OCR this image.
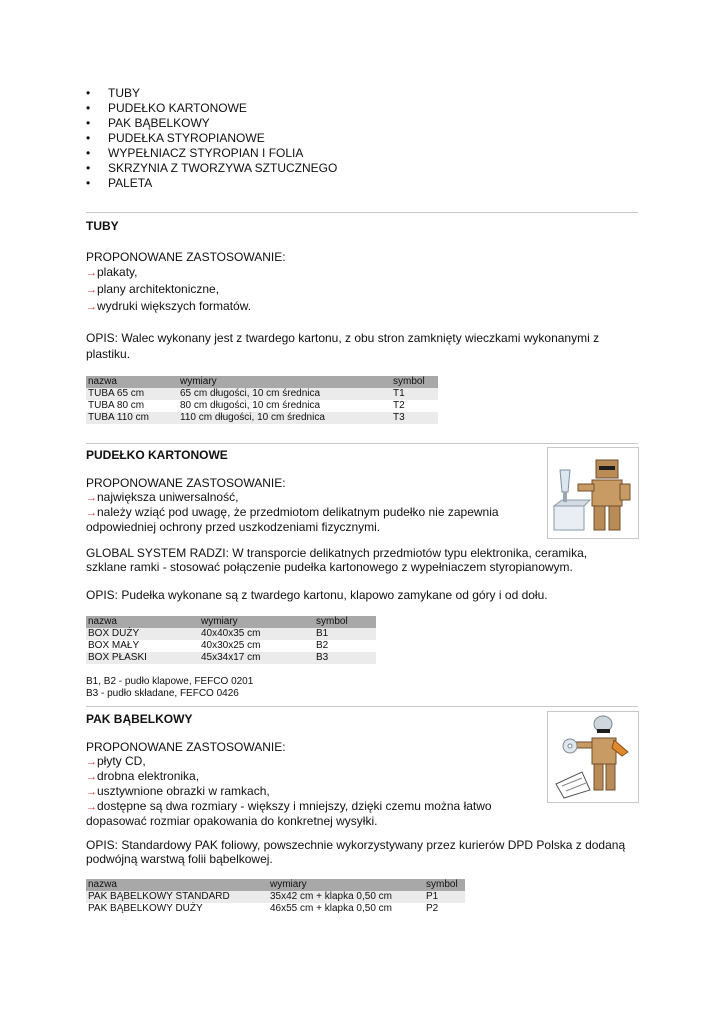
• TUBY
• PUDEŁKO KARTONOWE
• PAK BĄBELKOWY
• PUDEŁKA STYROPIANOWE
• WYPEŁNIACZ STYROPIAN I FOLIA
• SKRZYNIA Z TWORZYWA SZTUCZNEGO
• PALETA
TUBY
PROPONOWANE ZASTOSOWANIE:
→plakaty,
→plany architektoniczne,
→wydruki większych formatów.
OPIS: Walec wykonany jest z twardego kartonu, z obu stron zamknięty wieczkami wykonanymi z
plastiku.
nazwa	wymiary	symbol
TUBA 65 cm	65 cm długości, 10 cm średnica	T1
TUBA 80 cm	80 cm długości, 10 cm średnica	T2
TUBA 110 cm	110 cm długości, 10 cm średnica	T3
PUDEŁKO KARTONOWE
PROPONOWANE ZASTOSOWANIE:
→największa uniwersalność,
→należy wziąć pod uwagę, że przedmiotom delikatnym pudełko nie zapewnia
odpowiedniej ochrony przed uszkodzeniami fizycznymi.
GLOBAL SYSTEM RADZI: W transporcie delikatnych przedmiotów typu elektronika, ceramika,
szklane ramki - stosować połączenie pudełka kartonowego z wypełniaczem styropianowym.
OPIS: Pudełka wykonane są z twardego kartonu, klapowo zamykane od góry i od dołu.
nazwa	wymiary	symbol
BOX DUŻY	40x40x35 cm	B1
BOX MAŁY	40x30x25 cm	B2
BOX PŁASKI	45x34x17 cm	B3
B1, B2 - pudło klapowe, FEFCO 0201
B3 - pudło składane, FEFCO 0426
PAK BĄBELKOWY
PROPONOWANE ZASTOSOWANIE:
→płyty CD,
→drobna elektronika,
→usztywnione obrazki w ramkach,
→dostępne są dwa rozmiary - większy i mniejszy, dzięki czemu można łatwo
dopasować rozmiar opakowania do konkretnej wysyłki.
OPIS: Standardowy PAK foliowy, powszechnie wykorzystywany przez kurierów DPD Polska z dodaną
podwójną warstwą folii bąbelkowej.
nazwa	wymiary	symbol
PAK BĄBELKOWY STANDARD	35x42 cm + klapka 0,50 cm	P1
PAK BĄBELKOWY DUŻY	46x55 cm + klapka 0,50 cm	P2
